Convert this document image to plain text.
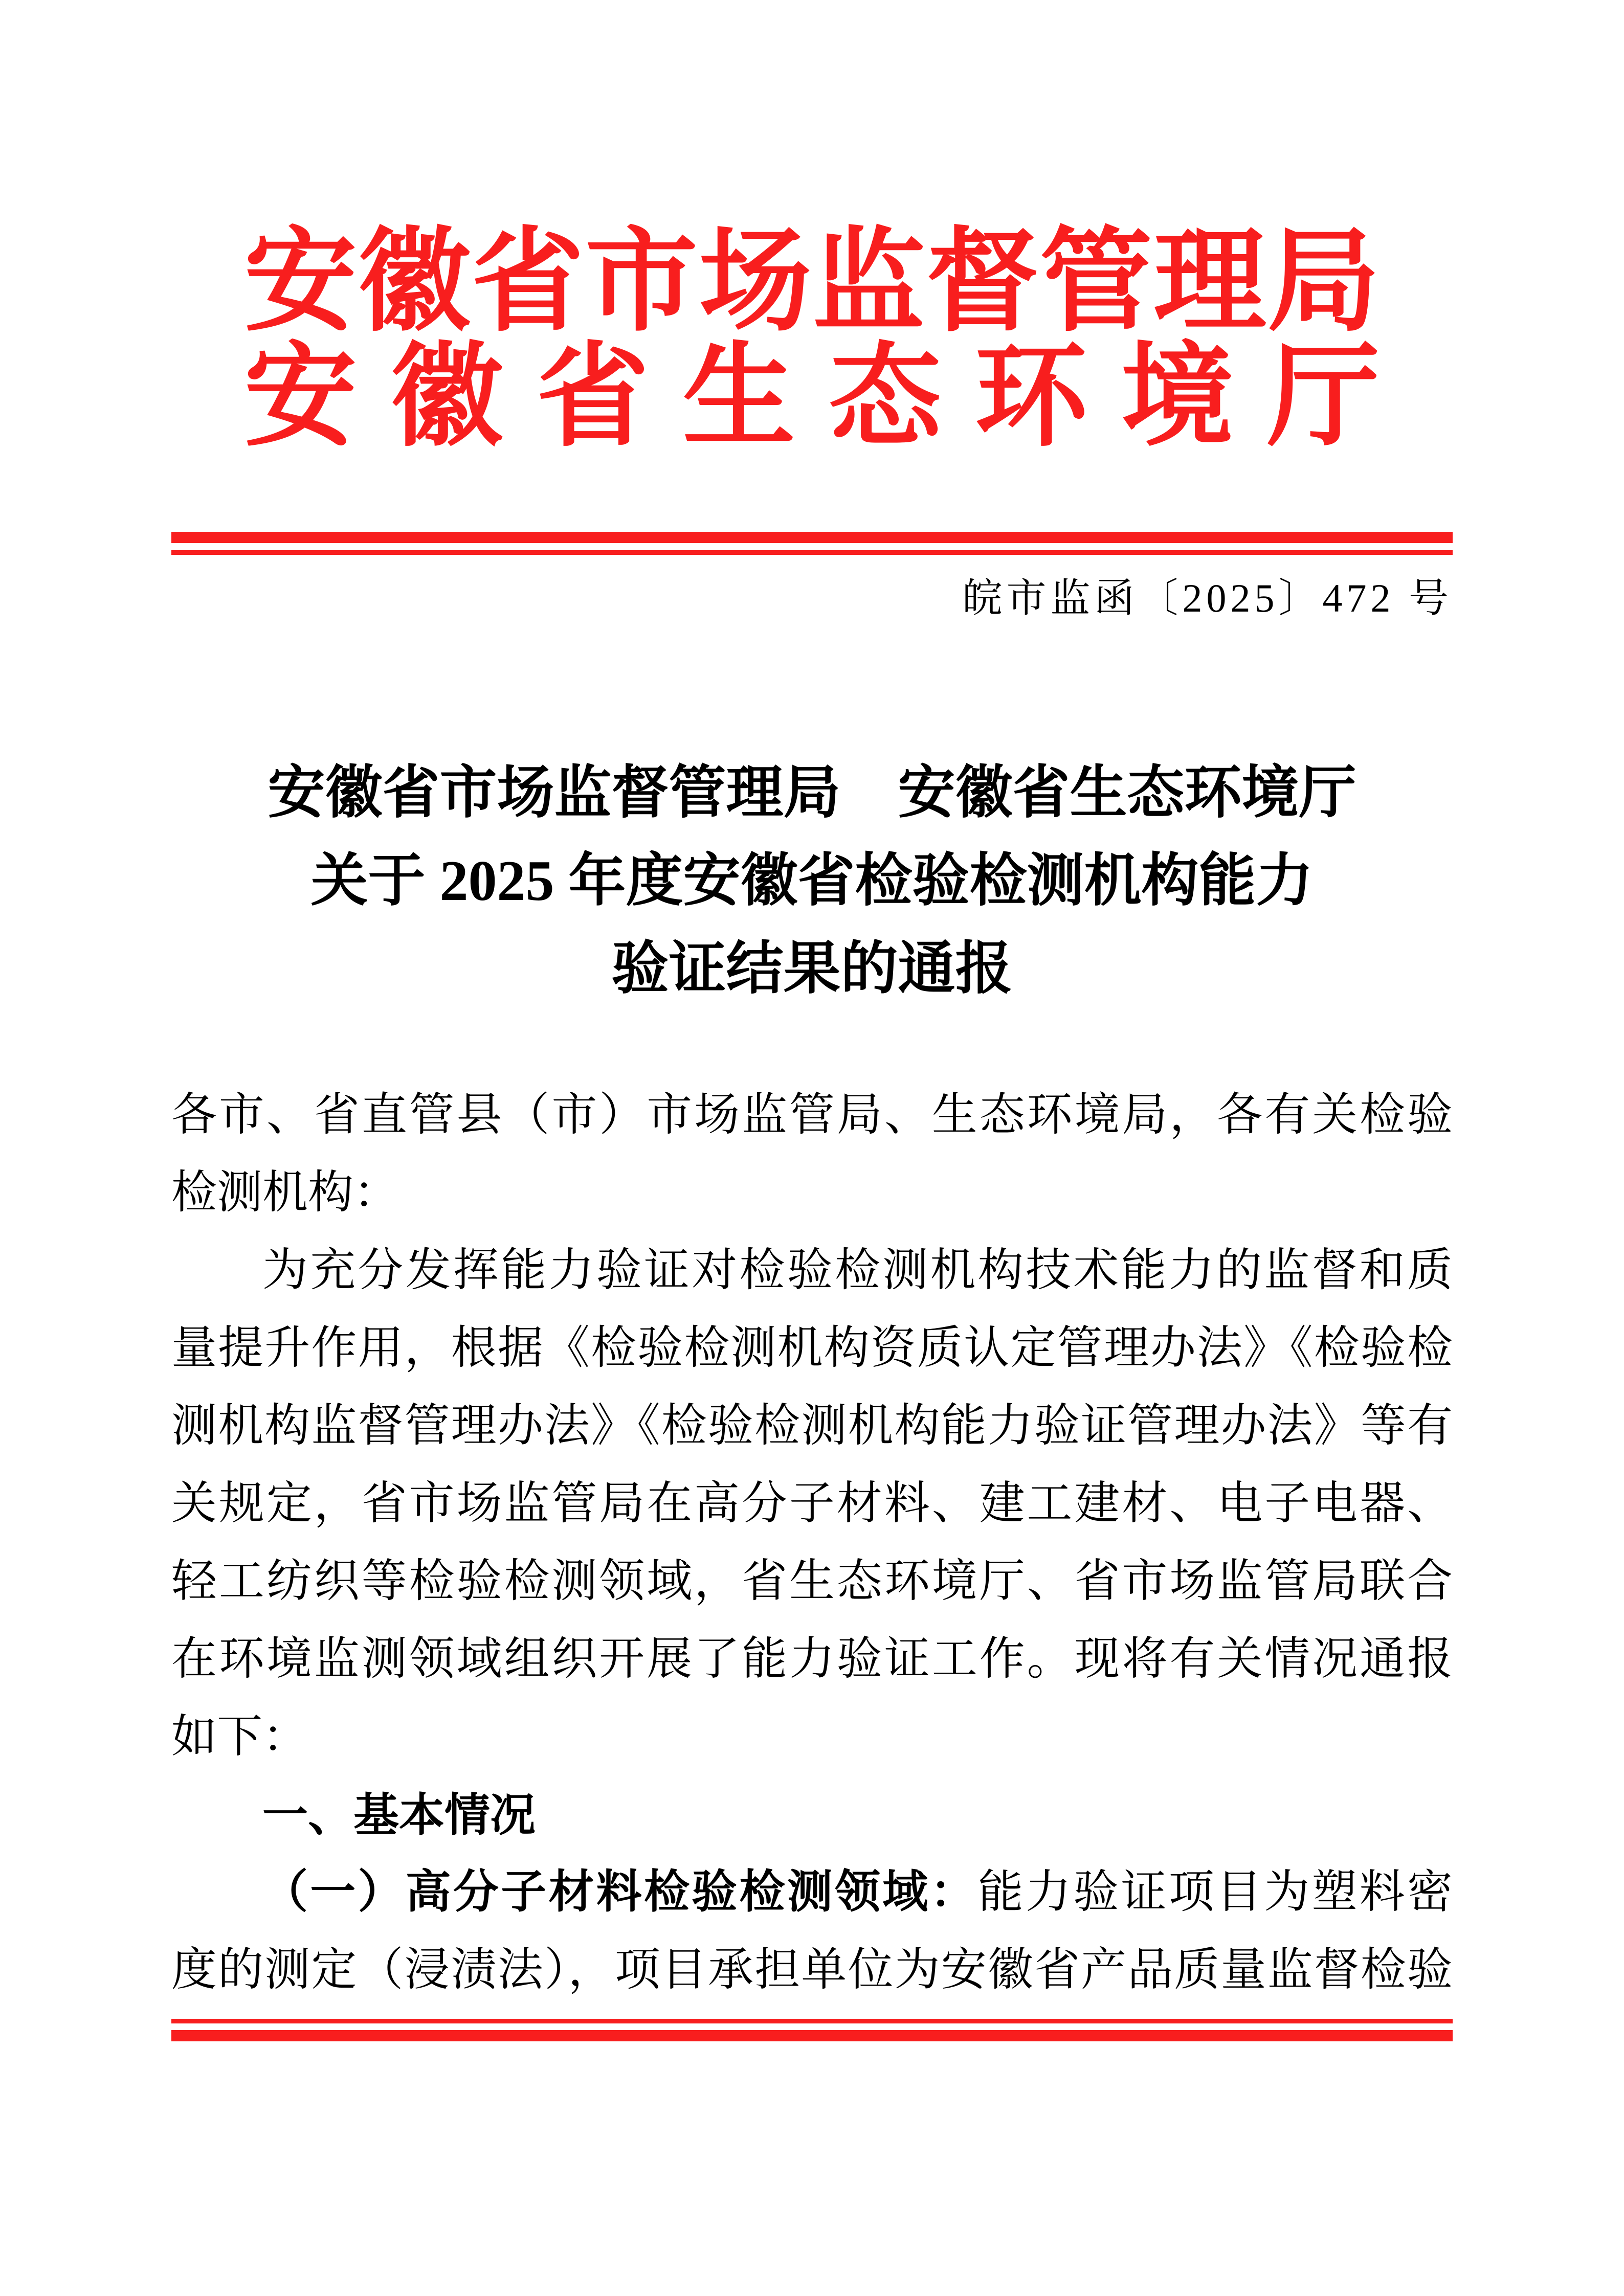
安徽省市场监督管理局
安徽省生态环境厅
皖市监函〔2025〕472 号
安徽省市场监督管理局　安徽省生态环境厅
关于 2025 年度安徽省检验检测机构能力
验证结果的通报
各市、省直管县（市）市场监管局、生态环境局，各有关检验
检测机构：
为充分发挥能力验证对检验检测机构技术能力的监督和质
量提升作用，根据《检验检测机构资质认定管理办法》《检验检
测机构监督管理办法》《检验检测机构能力验证管理办法》等有
关规定，省市场监管局在高分子材料、建工建材、电子电器、
轻工纺织等检验检测领域，省生态环境厅、省市场监管局联合
在环境监测领域组织开展了能力验证工作。现将有关情况通报
如下：
一、基本情况
（一）高分子材料检验检测领域：能力验证项目为塑料密
度的测定（浸渍法），项目承担单位为安徽省产品质量监督检验
